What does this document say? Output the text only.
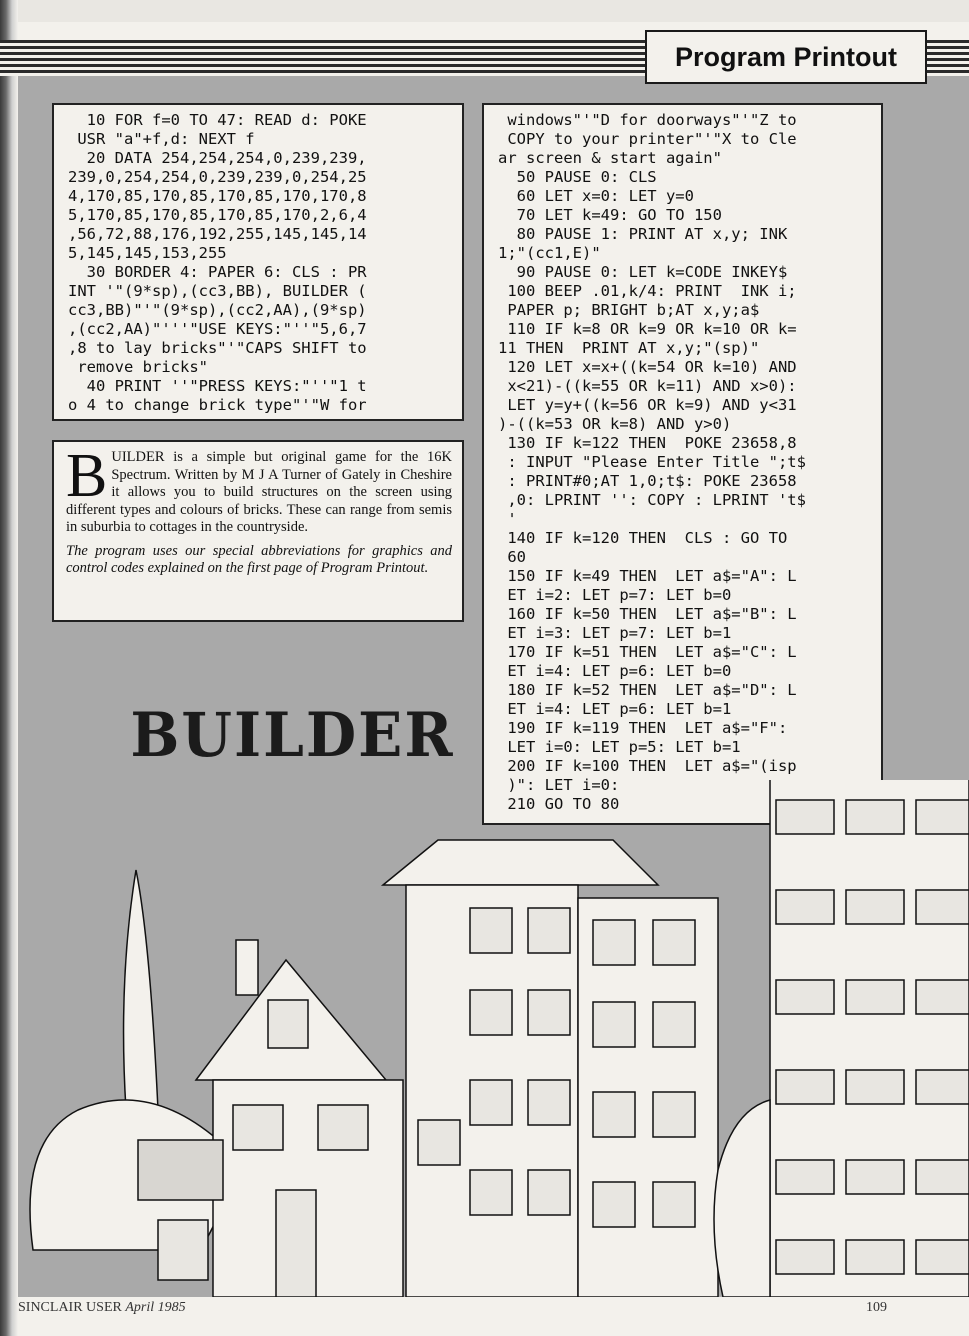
Program Printout
10 FOR f=0 TO 47: READ d: POKE
USR "a"+f,d: NEXT f
20 DATA 254,254,254,0,239,239,
239,0,254,254,0,239,239,0,254,25
4,170,85,170,85,170,85,170,170,8
5,170,85,170,85,170,85,170,2,6,4
,56,72,88,176,192,255,145,145,14
5,145,145,153,255
30 BORDER 4: PAPER 6: CLS : PR
INT '"(9*sp),(cc3,BB), BUILDER (
cc3,BB)"'"(9*sp),(cc2,AA),(9*sp)
,(cc2,AA)"'''"USE KEYS:"''"5,6,7
,8 to lay bricks"'"CAPS SHIFT to
remove bricks"
40 PRINT ''"PRESS KEYS:"''"1 t
o 4 to change brick type"'"W for
windows"'"D for doorways"'"Z to
COPY to your printer"'"X to Cle
ar screen & start again"
50 PAUSE 0: CLS
60 LET x=0: LET y=0
70 LET k=49: GO TO 150
80 PAUSE 1: PRINT AT x,y; INK
1;"(cc1,E)"
90 PAUSE 0: LET k=CODE INKEY$
100 BEEP .01,k/4: PRINT  INK i;
PAPER p; BRIGHT b;AT x,y;a$
110 IF k=8 OR k=9 OR k=10 OR k=
11 THEN  PRINT AT x,y;"(sp)"
120 LET x=x+((k=54 OR k=10) AND
x<21)-((k=55 OR k=11) AND x>0):
LET y=y+((k=56 OR k=9) AND y<31
)-((k=53 OR k=8) AND y>0)
130 IF k=122 THEN  POKE 23658,8
: INPUT "Please Enter Title ";t$
: PRINT#0;AT 1,0;t$: POKE 23658
,0: LPRINT '': COPY : LPRINT 't$
'
140 IF k=120 THEN  CLS : GO TO
60
150 IF k=49 THEN  LET a$="A": L
ET i=2: LET p=7: LET b=0
160 IF k=50 THEN  LET a$="B": L
ET i=3: LET p=7: LET b=1
170 IF k=51 THEN  LET a$="C": L
ET i=4: LET p=6: LET b=0
180 IF k=52 THEN  LET a$="D": L
ET i=4: LET p=6: LET b=1
190 IF k=119 THEN  LET a$="F":
LET i=0: LET p=5: LET b=1
200 IF k=100 THEN  LET a$="(isp
)": LET i=0:
210 GO TO 80

BUILDER is a simple but original game for the 16K Spectrum. Written by M J A Turner of Gately in Cheshire it allows you to build structures on the screen using different types and colours of bricks. These can range from semis in suburbia to cottages in the countryside.

The program uses our special abbreviations for graphics and control codes explained on the first page of Program Printout.

BUILDER
SINCLAIR USER April 1985	109
